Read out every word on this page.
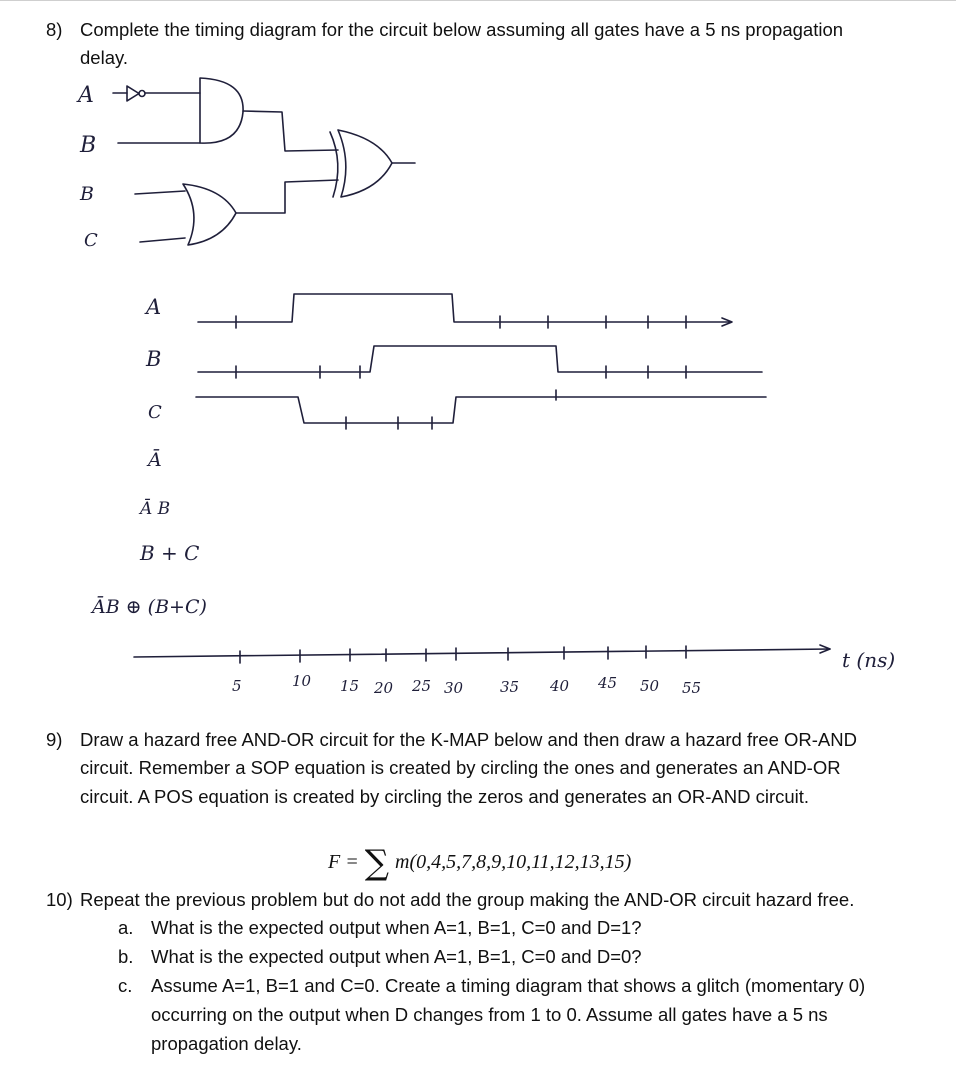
8) Complete the timing diagram for the circuit below assuming all gates have a 5 ns propagation
delay.
A
B
B
C
A
B
C
Ā
Ā B
B + C
ĀB ⊕ (B+C)
5	10 15 20 25 30 35 40 45 50 55
t (ns)
9) Draw a hazard free AND-OR circuit for the K-MAP below and then draw a hazard free OR-AND
circuit. Remember a SOP equation is created by circling the ones and generates an AND-OR
circuit. A POS equation is created by circling the zeros and generates an OR-AND circuit.
F = ∑ m(0,4,5,7,8,9,10,11,12,13,15)
10) Repeat the previous problem but do not add the group making the AND-OR circuit hazard free.
a. What is the expected output when A=1, B=1, C=0 and D=1?
b. What is the expected output when A=1, B=1, C=0 and D=0?
c. Assume A=1, B=1 and C=0. Create a timing diagram that shows a glitch (momentary 0)
occurring on the output when D changes from 1 to 0. Assume all gates have a 5 ns
propagation delay.
